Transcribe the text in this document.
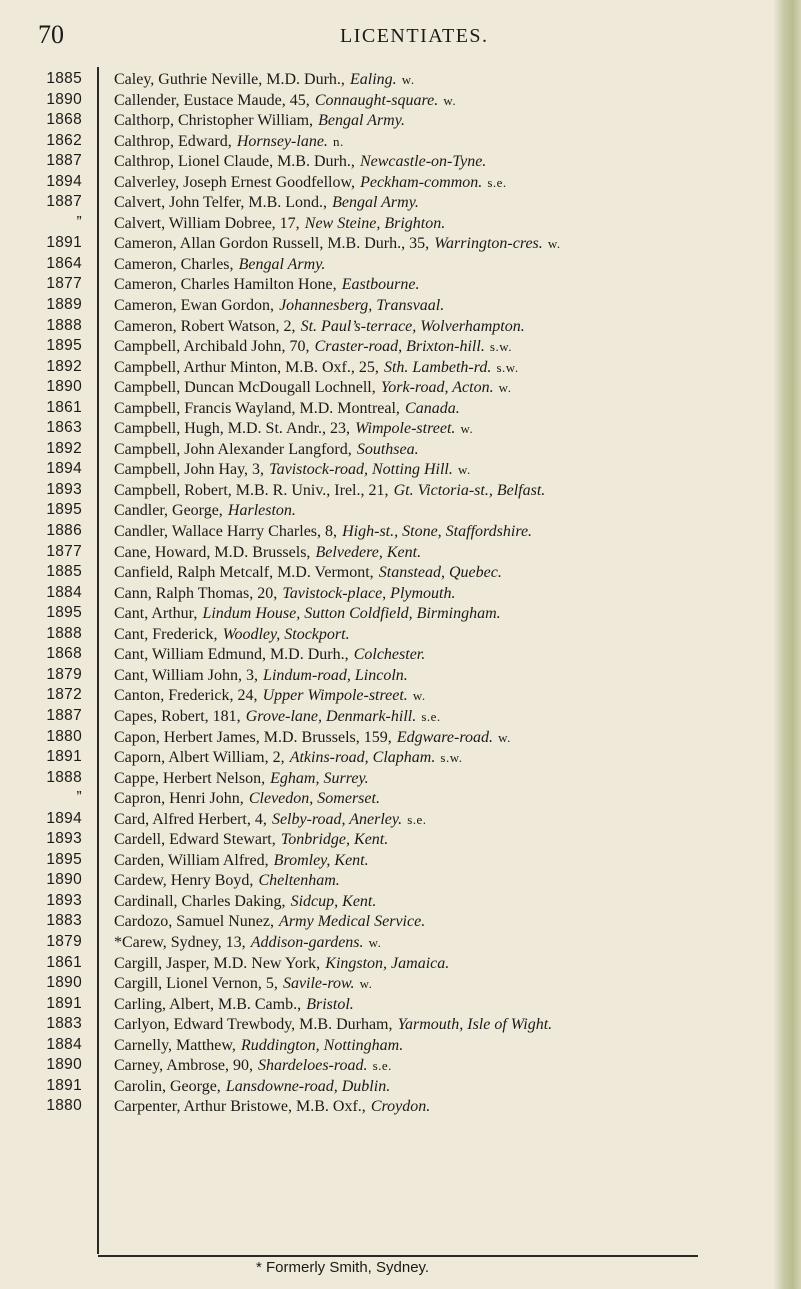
70	LICENTIATES.
1885 Caley, Guthrie Neville, M.D. Durh., Ealing. w.
1890 Callender, Eustace Maude, 45, Connaught-square. w.
1868 Calthorp, Christopher William, Bengal Army.
1862 Calthrop, Edward, Hornsey-lane. n.
1887 Calthrop, Lionel Claude, M.B. Durh., Newcastle-on-Tyne.
1894 Calverley, Joseph Ernest Goodfellow, Peckham-common. s.e.
1887 Calvert, John Telfer, M.B. Lond., Bengal Army.
” Calvert, William Dobree, 17, New Steine, Brighton.
1891 Cameron, Allan Gordon Russell, M.B. Durh., 35, Warrington-cres. w.
1864 Cameron, Charles, Bengal Army.
1877 Cameron, Charles Hamilton Hone, Eastbourne.
1889 Cameron, Ewan Gordon, Johannesberg, Transvaal.
1888 Cameron, Robert Watson, 2, St. Paul’s-terrace, Wolverhampton.
1895 Campbell, Archibald John, 70, Craster-road, Brixton-hill. s.w.
1892 Campbell, Arthur Minton, M.B. Oxf., 25, Sth. Lambeth-rd. s.w.
1890 Campbell, Duncan McDougall Lochnell, York-road, Acton. w.
1861 Campbell, Francis Wayland, M.D. Montreal, Canada.
1863 Campbell, Hugh, M.D. St. Andr., 23, Wimpole-street. w.
1892 Campbell, John Alexander Langford, Southsea.
1894 Campbell, John Hay, 3, Tavistock-road, Notting Hill. w.
1893 Campbell, Robert, M.B. R. Univ., Irel., 21, Gt. Victoria-st., Belfast.
1895 Candler, George, Harleston.
1886 Candler, Wallace Harry Charles, 8, High-st., Stone, Staffordshire.
1877 Cane, Howard, M.D. Brussels, Belvedere, Kent.
1885 Canfield, Ralph Metcalf, M.D. Vermont, Stanstead, Quebec.
1884 Cann, Ralph Thomas, 20, Tavistock-place, Plymouth.
1895 Cant, Arthur, Lindum House, Sutton Coldfield, Birmingham.
1888 Cant, Frederick, Woodley, Stockport.
1868 Cant, William Edmund, M.D. Durh., Colchester.
1879 Cant, William John, 3, Lindum-road, Lincoln.
1872 Canton, Frederick, 24, Upper Wimpole-street. w.
1887 Capes, Robert, 181, Grove-lane, Denmark-hill. s.e.
1880 Capon, Herbert James, M.D. Brussels, 159, Edgware-road. w.
1891 Caporn, Albert William, 2, Atkins-road, Clapham. s.w.
1888 Cappe, Herbert Nelson, Egham, Surrey.
” Capron, Henri John, Clevedon, Somerset.
1894 Card, Alfred Herbert, 4, Selby-road, Anerley. s.e.
1893 Cardell, Edward Stewart, Tonbridge, Kent.
1895 Carden, William Alfred, Bromley, Kent.
1890 Cardew, Henry Boyd, Cheltenham.
1893 Cardinall, Charles Daking, Sidcup, Kent.
1883 Cardozo, Samuel Nunez, Army Medical Service.
1879 *Carew, Sydney, 13, Addison-gardens. w.
1861 Cargill, Jasper, M.D. New York, Kingston, Jamaica.
1890 Cargill, Lionel Vernon, 5, Savile-row. w.
1891 Carling, Albert, M.B. Camb., Bristol.
1883 Carlyon, Edward Trewbody, M.B. Durham, Yarmouth, Isle of Wight.
1884 Carnelly, Matthew, Ruddington, Nottingham.
1890 Carney, Ambrose, 90, Shardeloes-road. s.e.
1891 Carolin, George, Lansdowne-road, Dublin.
1880 Carpenter, Arthur Bristowe, M.B. Oxf., Croydon.
* Formerly Smith, Sydney.
